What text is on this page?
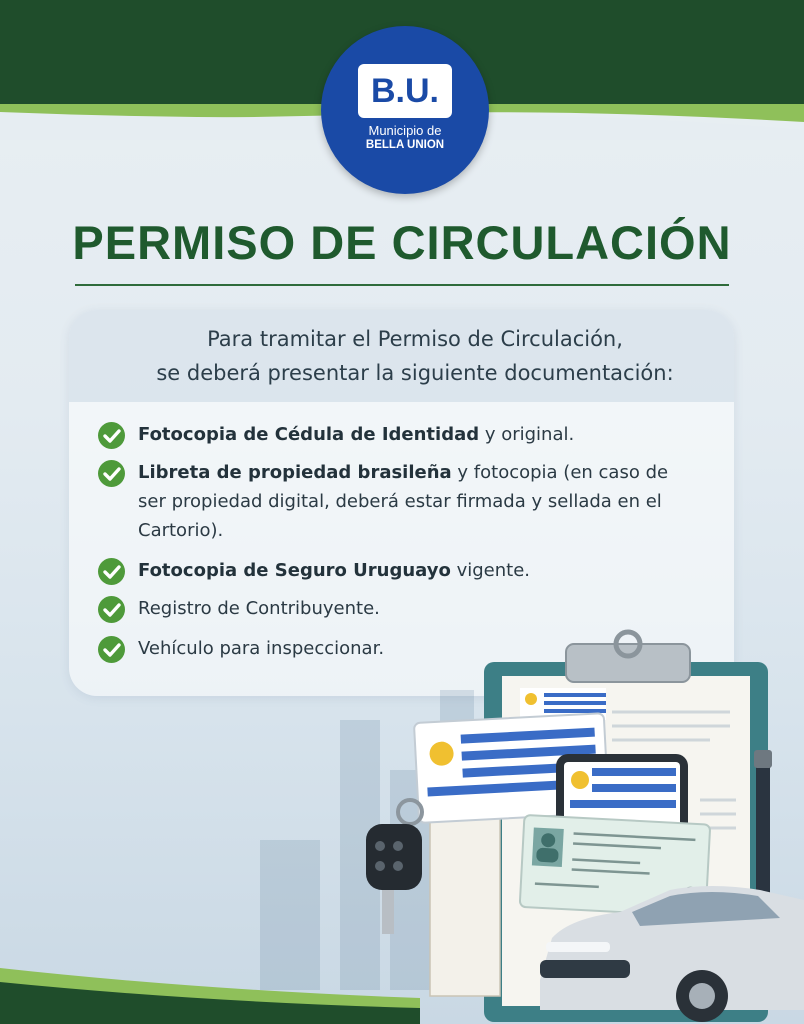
B.U.
Municipio de
BELLA UNION
PERMISO DE CIRCULACIÓN
Para tramitar el Permiso de Circulación,
se deberá presentar la siguiente documentación:
Fotocopia de Cédula de Identidad y original.
Libreta de propiedad brasileña y fotocopia (en caso de ser propiedad digital, deberá estar firmada y sellada en el Cartorio).
Fotocopia de Seguro Uruguayo vigente.
Registro de Contribuyente.
Vehículo para inspeccionar.
